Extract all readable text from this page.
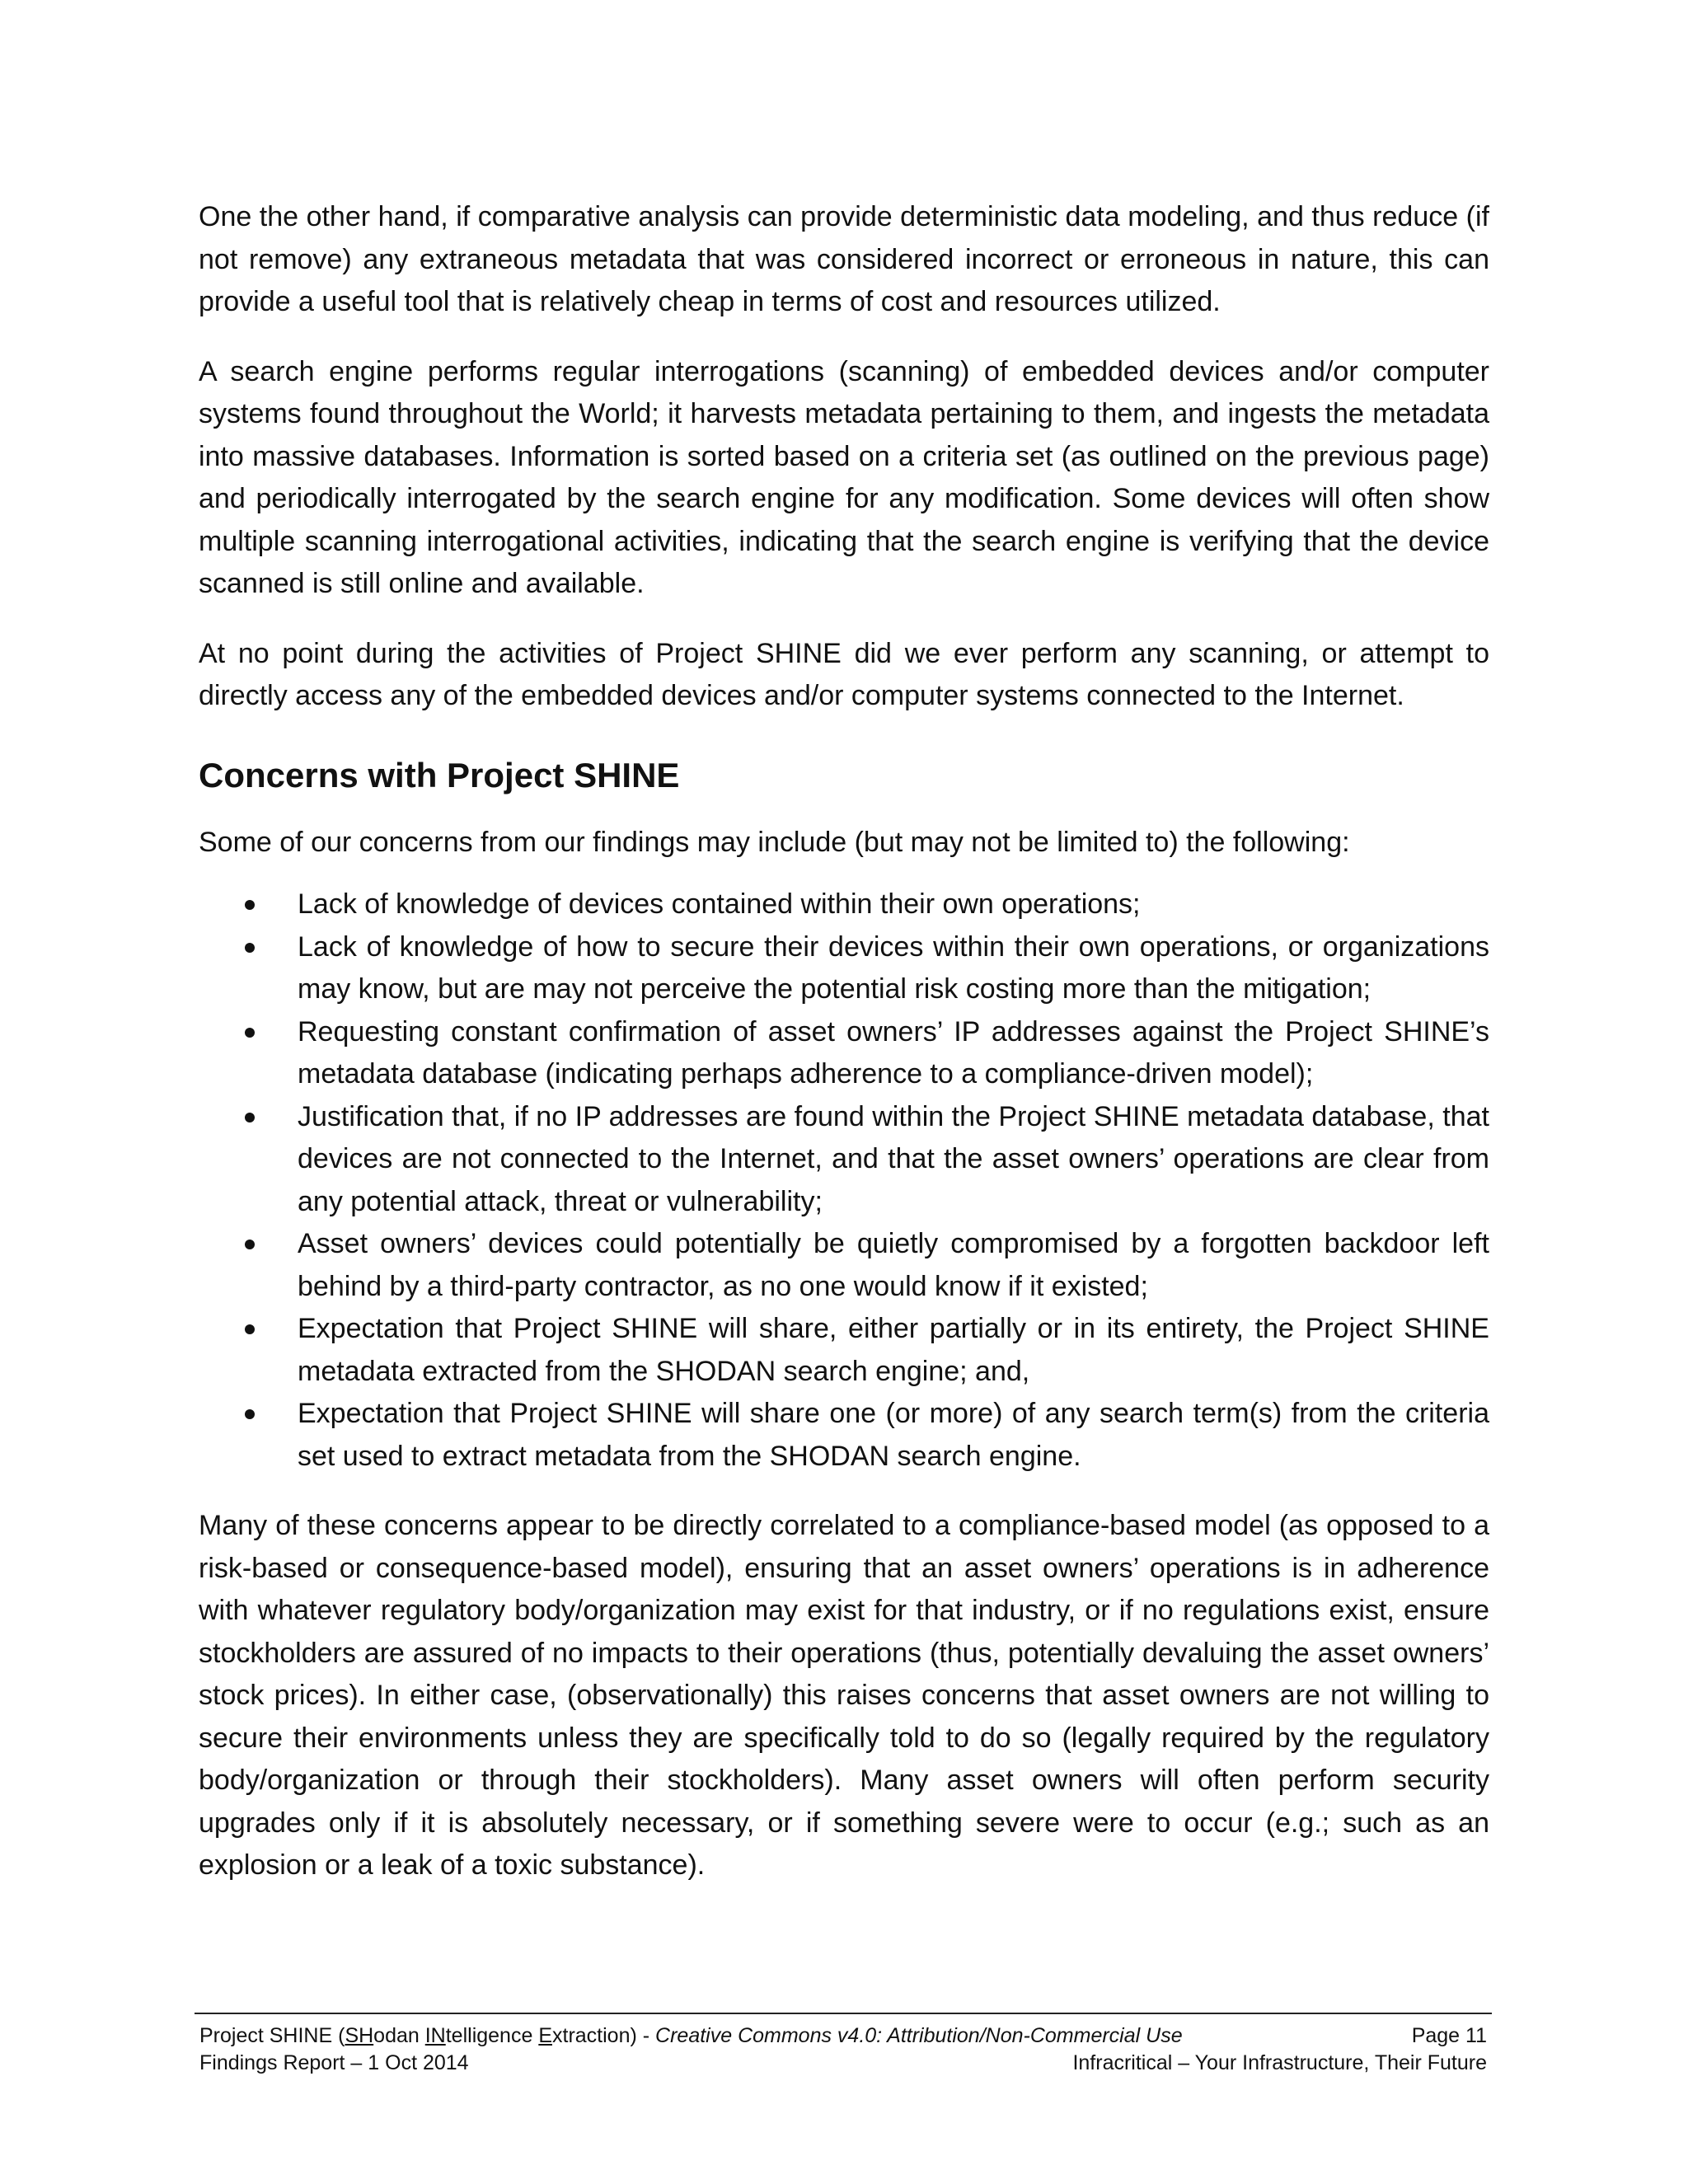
One the other hand, if comparative analysis can provide deterministic data modeling, and thus reduce (if not remove) any extraneous metadata that was considered incorrect or erroneous in nature, this can provide a useful tool that is relatively cheap in terms of cost and resources utilized.

A search engine performs regular interrogations (scanning) of embedded devices and/or computer systems found throughout the World; it harvests metadata pertaining to them, and ingests the metadata into massive databases. Information is sorted based on a criteria set (as outlined on the previous page) and periodically interrogated by the search engine for any modification. Some devices will often show multiple scanning interrogational activities, indicating that the search engine is verifying that the device scanned is still online and available.

At no point during the activities of Project SHINE did we ever perform any scanning, or attempt to directly access any of the embedded devices and/or computer systems connected to the Internet.

Concerns with Project SHINE

Some of our concerns from our findings may include (but may not be limited to) the following:

Lack of knowledge of devices contained within their own operations;
Lack of knowledge of how to secure their devices within their own operations, or organizations may know, but are may not perceive the potential risk costing more than the mitigation;
Requesting constant confirmation of asset owners’ IP addresses against the Project SHINE’s metadata database (indicating perhaps adherence to a compliance-driven model);
Justification that, if no IP addresses are found within the Project SHINE metadata database, that devices are not connected to the Internet, and that the asset owners’ operations are clear from any potential attack, threat or vulnerability;
Asset owners’ devices could potentially be quietly compromised by a forgotten backdoor left behind by a third-party contractor, as no one would know if it existed;
Expectation that Project SHINE will share, either partially or in its entirety, the Project SHINE metadata extracted from the SHODAN search engine; and,
Expectation that Project SHINE will share one (or more) of any search term(s) from the criteria set used to extract metadata from the SHODAN search engine.

Many of these concerns appear to be directly correlated to a compliance-based model (as opposed to a risk-based or consequence-based model), ensuring that an asset owners’ operations is in adherence with whatever regulatory body/organization may exist for that industry, or if no regulations exist, ensure stockholders are assured of no impacts to their operations (thus, potentially devaluing the asset owners’ stock prices). In either case, (observationally) this raises concerns that asset owners are not willing to secure their environments unless they are specifically told to do so (legally required by the regulatory body/organization or through their stockholders). Many asset owners will often perform security upgrades only if it is absolutely necessary, or if something severe were to occur (e.g.; such as an explosion or a leak of a toxic substance).

Project SHINE (SHodan INtelligence Extraction) - Creative Commons v4.0: Attribution/Non-Commercial Use	Page 11
Findings Report – 1 Oct 2014	Infracritical – Your Infrastructure, Their Future
